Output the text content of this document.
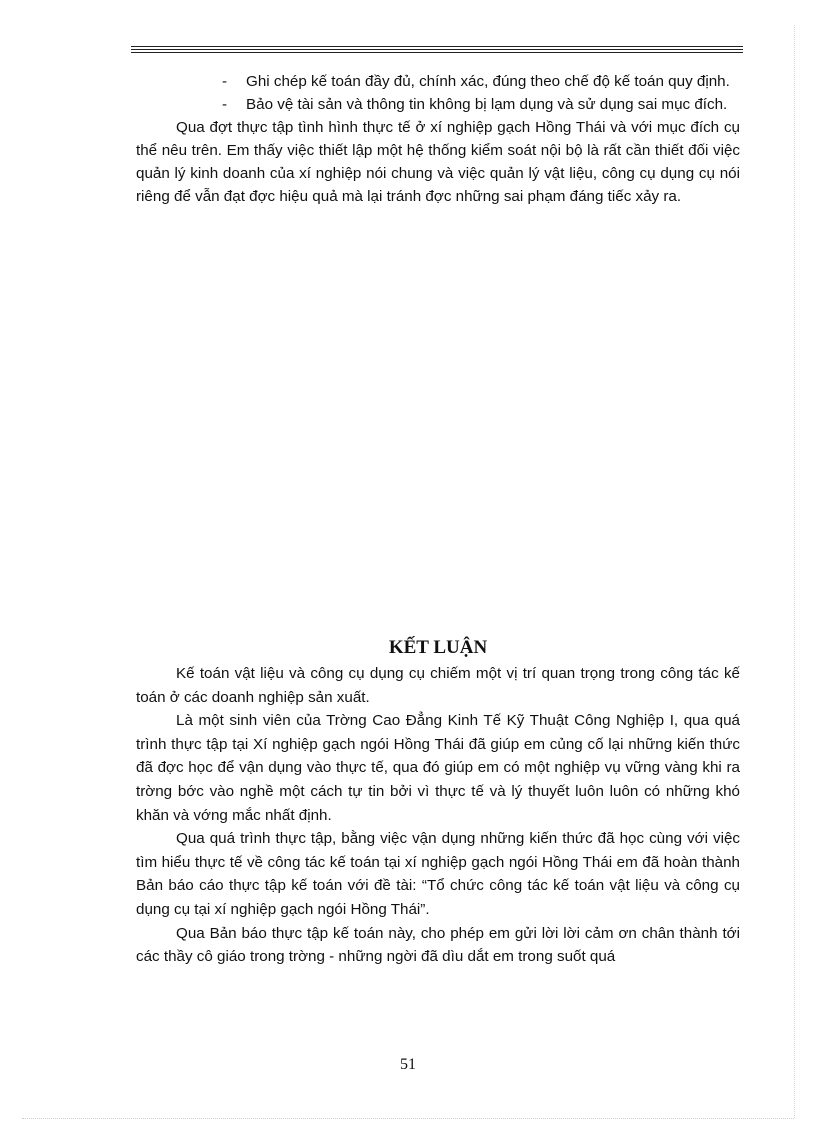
- Ghi chép kế toán đầy đủ, chính xác, đúng theo chế độ kế toán quy định.
- Bảo vệ tài sản và thông tin không bị lạm dụng và sử dụng sai mục đích.

Qua đợt thực tập tình hình thực tế ở xí nghiệp gạch Hồng Thái và với mục đích cụ thể nêu trên. Em thấy việc thiết lập một hệ thống kiểm soát nội bộ là rất cần thiết đối việc quản lý kinh doanh của xí nghiệp nói chung và việc quản lý vật liệu, công cụ dụng cụ nói riêng để vẫn đạt đợc hiệu quả mà lại tránh đợc những sai phạm đáng tiếc xảy ra.

KẾT LUẬN

Kế toán vật liệu và công cụ dụng cụ chiếm một vị trí quan trọng trong công tác kế toán ở các doanh nghiệp sản xuất.

Là một sinh viên của Trờng Cao Đẳng Kinh Tế Kỹ Thuật Công Nghiệp I, qua quá trình thực tập tại Xí nghiệp gạch ngói Hồng Thái đã giúp em củng cố lại những kiến thức đã đợc học để vận dụng vào thực tế, qua đó giúp em có một nghiệp vụ vững vàng khi ra trờng bớc vào nghề một cách tự tin bởi vì thực tế và lý thuyết luôn luôn có những khó khăn và vớng mắc nhất định.

Qua quá trình thực tập, bằng việc vận dụng những kiến thức đã học cùng với việc tìm hiểu thực tế về công tác kế toán tại xí nghiệp gạch ngói Hồng Thái em đã hoàn thành Bản báo cáo thực tập kế toán với đề tài: “Tổ chức công tác kế toán vật liệu và công cụ dụng cụ tại xí nghiệp gạch ngói Hồng Thái”.

Qua Bản báo thực tập kế toán này, cho phép em gửi lời lời cảm ơn chân thành tới các thầy cô giáo trong trờng - những ngời đã dìu dắt em trong suốt quá

51
